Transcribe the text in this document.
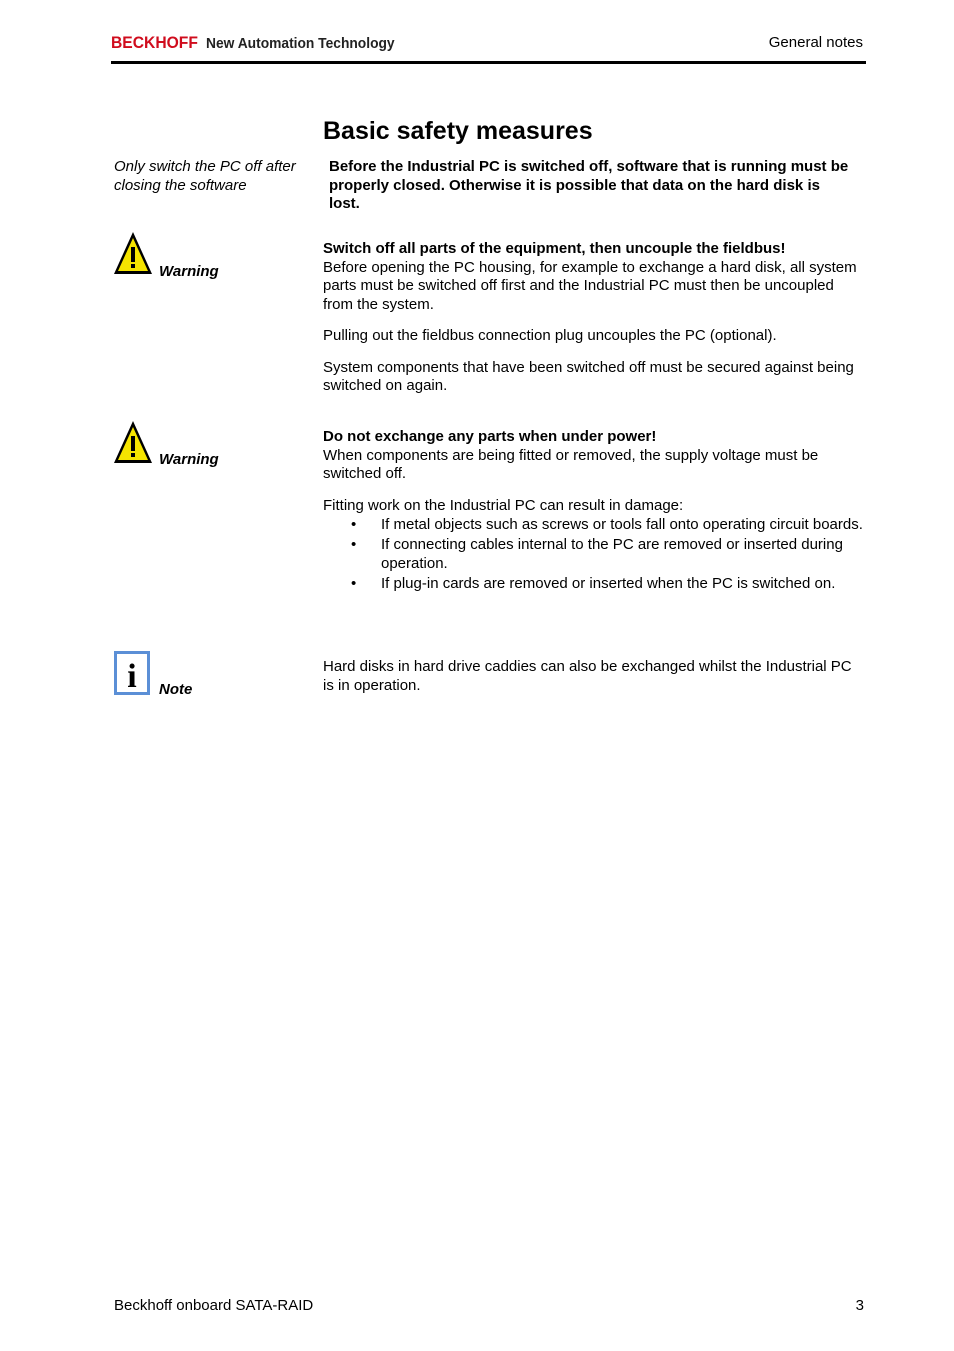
BECKHOFF New Automation Technology	General notes
Basic safety measures
Only switch the PC off after closing the software

Before the Industrial PC is switched off, software that is running must be properly closed. Otherwise it is possible that data on the hard disk is lost.

Warning

Switch off all parts of the equipment, then uncouple the fieldbus!
Before opening the PC housing, for example to exchange a hard disk, all system parts must be switched off first and the Industrial PC must then be uncoupled from the system.

Pulling out the fieldbus connection plug uncouples the PC (optional).

System components that have been switched off must be secured against being switched on again.

Warning

Do not exchange any parts when under power!
When components are being fitted or removed, the supply voltage must be switched off.

Fitting work on the Industrial PC can result in damage:

• If metal objects such as screws or tools fall onto operating circuit boards.
• If connecting cables internal to the PC are removed or inserted during operation.
• If plug-in cards are removed or inserted when the PC is switched on.
i Note

Hard disks in hard drive caddies can also be exchanged whilst the Industrial PC is in operation.

Beckhoff onboard SATA-RAID	3
